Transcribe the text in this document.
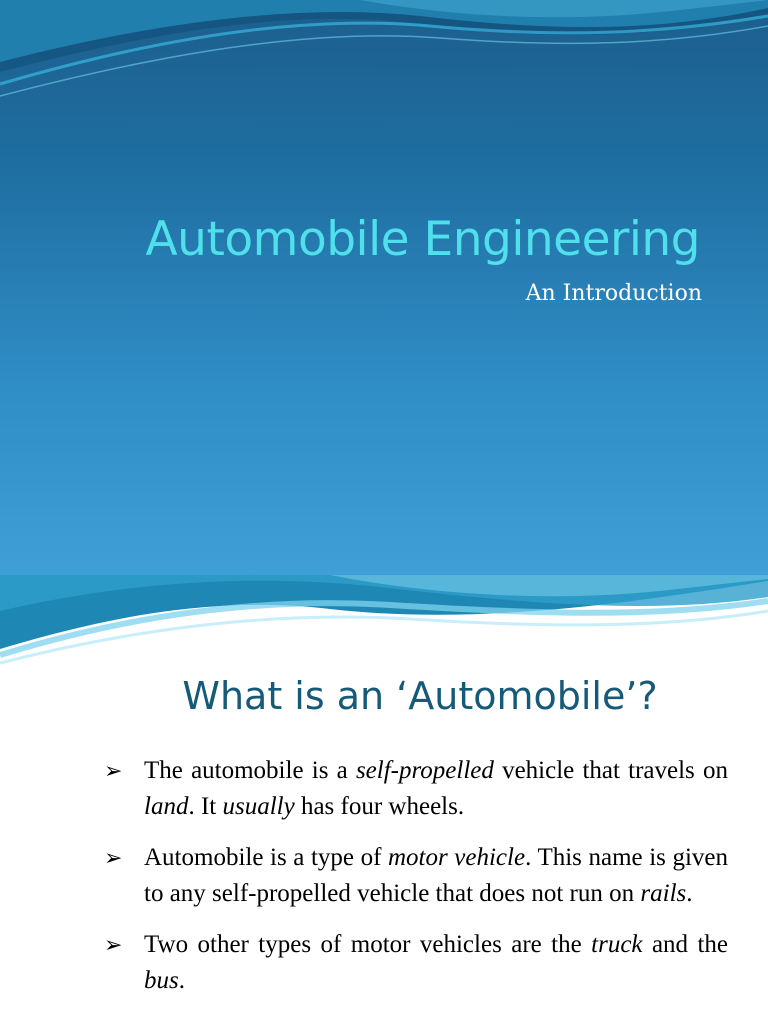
Automobile Engineering
An Introduction
What is an ‘Automobile’?
➢ The automobile is a self-propelled vehicle that travels on land. It usually has four wheels.
➢ Automobile is a type of motor vehicle. This name is given to any self-propelled vehicle that does not run on rails.
➢ Two other types of motor vehicles are the truck and the bus.
